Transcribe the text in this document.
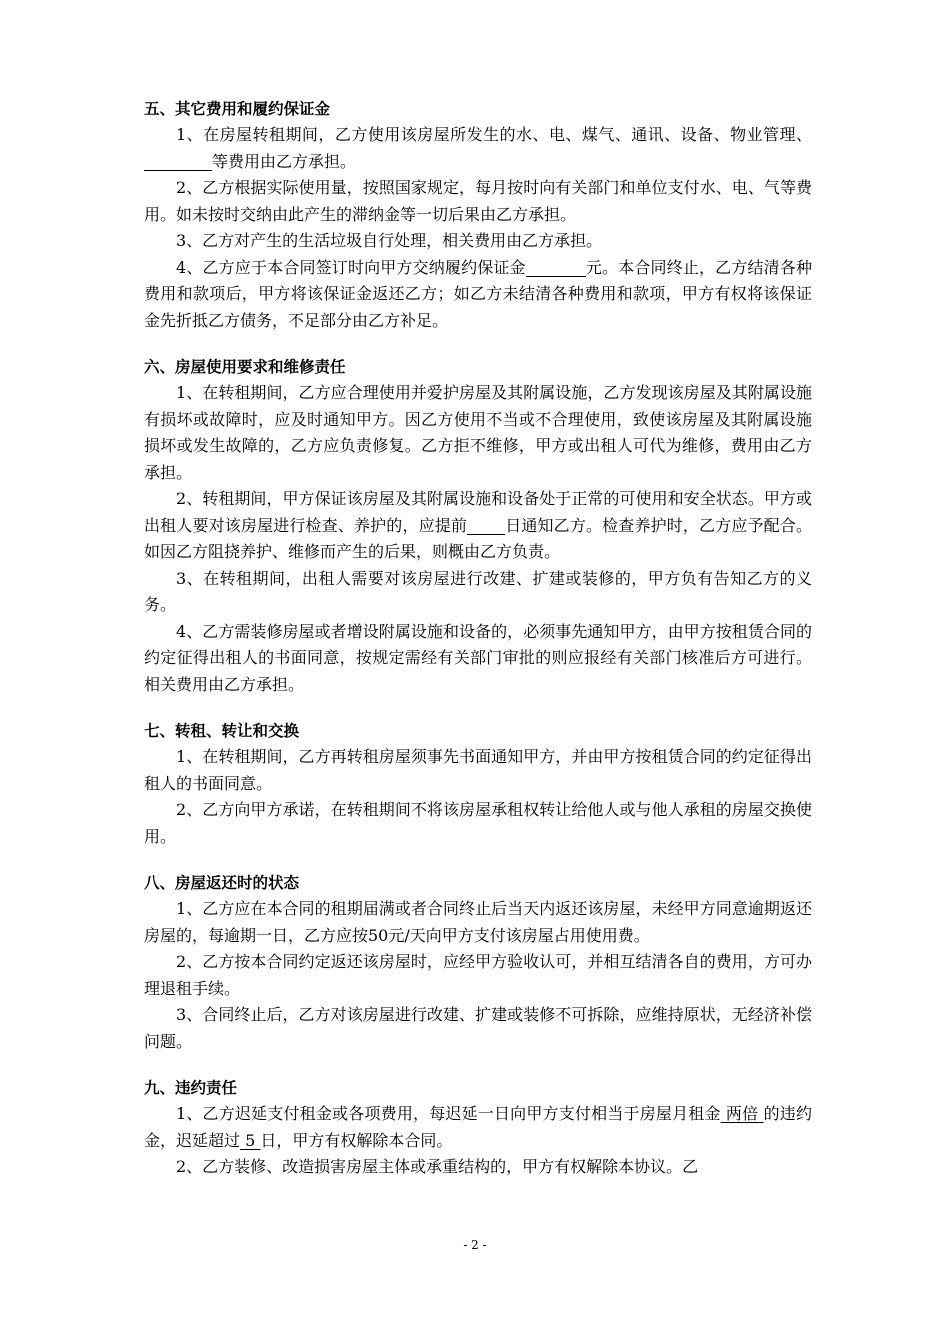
五、其它费用和履约保证金

1、在房屋转租期间，乙方使用该房屋所发生的水、电、煤气、通讯、设备、物业管理、等费用由乙方承担。

2、乙方根据实际使用量，按照国家规定，每月按时向有关部门和单位支付水、电、气等费用。如未按时交纳由此产生的滞纳金等一切后果由乙方承担。

3、乙方对产生的生活垃圾自行处理，相关费用由乙方承担。

4、乙方应于本合同签订时向甲方交纳履约保证金	元。本合同终止，乙方结清各种费用和款项后，甲方将该保证金返还乙方；如乙方未结清各种费用和款项，甲方有权将该保证金先折抵乙方债务，不足部分由乙方补足。

六、房屋使用要求和维修责任

1、在转租期间，乙方应合理使用并爱护房屋及其附属设施，乙方发现该房屋及其附属设施有损坏或故障时，应及时通知甲方。因乙方使用不当或不合理使用，致使该房屋及其附属设施损坏或发生故障的，乙方应负责修复。乙方拒不维修，甲方或出租人可代为维修，费用由乙方承担。

2、转租期间，甲方保证该房屋及其附属设施和设备处于正常的可使用和安全状态。甲方或出租人要对该房屋进行检查、养护的，应提前 日通知乙方。检查养护时，乙方应予配合。如因乙方阻挠养护、维修而产生的后果，则概由乙方负责。

3、在转租期间，出租人需要对该房屋进行改建、扩建或装修的，甲方负有告知乙方的义务。

4、乙方需装修房屋或者增设附属设施和设备的，必须事先通知甲方，由甲方按租赁合同的约定征得出租人的书面同意，按规定需经有关部门审批的则应报经有关部门核准后方可进行。相关费用由乙方承担。

七、转租、转让和交换

1、在转租期间，乙方再转租房屋须事先书面通知甲方，并由甲方按租赁合同的约定征得出租人的书面同意。

2、乙方向甲方承诺，在转租期间不将该房屋承租权转让给他人或与他人承租的房屋交换使用。

八、房屋返还时的状态

1、乙方应在本合同的租期届满或者合同终止后当天内返还该房屋，未经甲方同意逾期返还房屋的，每逾期一日，乙方应按50元/天向甲方支付该房屋占用使用费。

2、乙方按本合同约定返还该房屋时，应经甲方验收认可，并相互结清各自的费用，方可办理退租手续。

3、合同终止后，乙方对该房屋进行改建、扩建或装修不可拆除，应维持原状，无经济补偿问题。

九、违约责任

1、乙方迟延支付租金或各项费用，每迟延一日向甲方支付相当于房屋月租金 两倍 的违约金，迟延超过 5 日，甲方有权解除本合同。

2、乙方装修、改造损害房屋主体或承重结构的，甲方有权解除本协议。乙

- 2 -
